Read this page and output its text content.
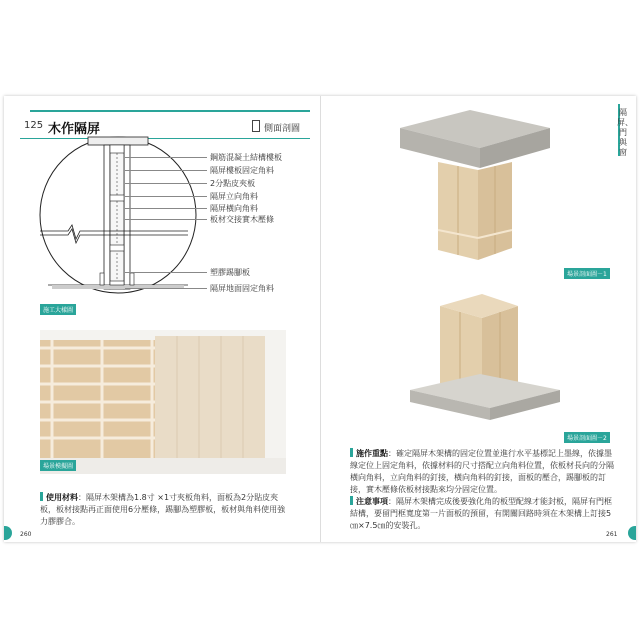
125 木作隔屏	側面剖圖
鋼筋混凝土結構樓板
隔屏樓板固定角料
2分點皮夾板
隔屏立向角料
隔屏橫向角料
板材交接實木壓條
塑膠踢腳板
隔屏地面固定角料
施工大樣圖
場景模擬圖
使用材料：隔屏木架構為1.8寸 ×1寸夾板角料，面板為2分貼皮夾板，板材接點再正面使用6分壓條，踢腳為塑膠板，板材與角料使用強力膠膠合。
260
隔屏、門與窗
場景剖面圖－1
場景剖面圖－2
施作重點：確定隔屏木架構的固定位置並進行水平基標記上墨線，依據墨線定位上固定角料，依據材料的尺寸搭配立向角料位置，依板材長向的分隔橫向角料，立向角料的釘接，橫向角料的釘接，面板的壓合，踢腳板的訂接，實木壓條依板材接點來均分固定位置。
注意事項：隔屏木架構完成後要強化角的板型配線才能封板，隔屏有門框結構，要留門框寬度第一片面板的預留，有開關回路時須在木架構上訂接5㎝×7.5㎝的安裝孔。
261
